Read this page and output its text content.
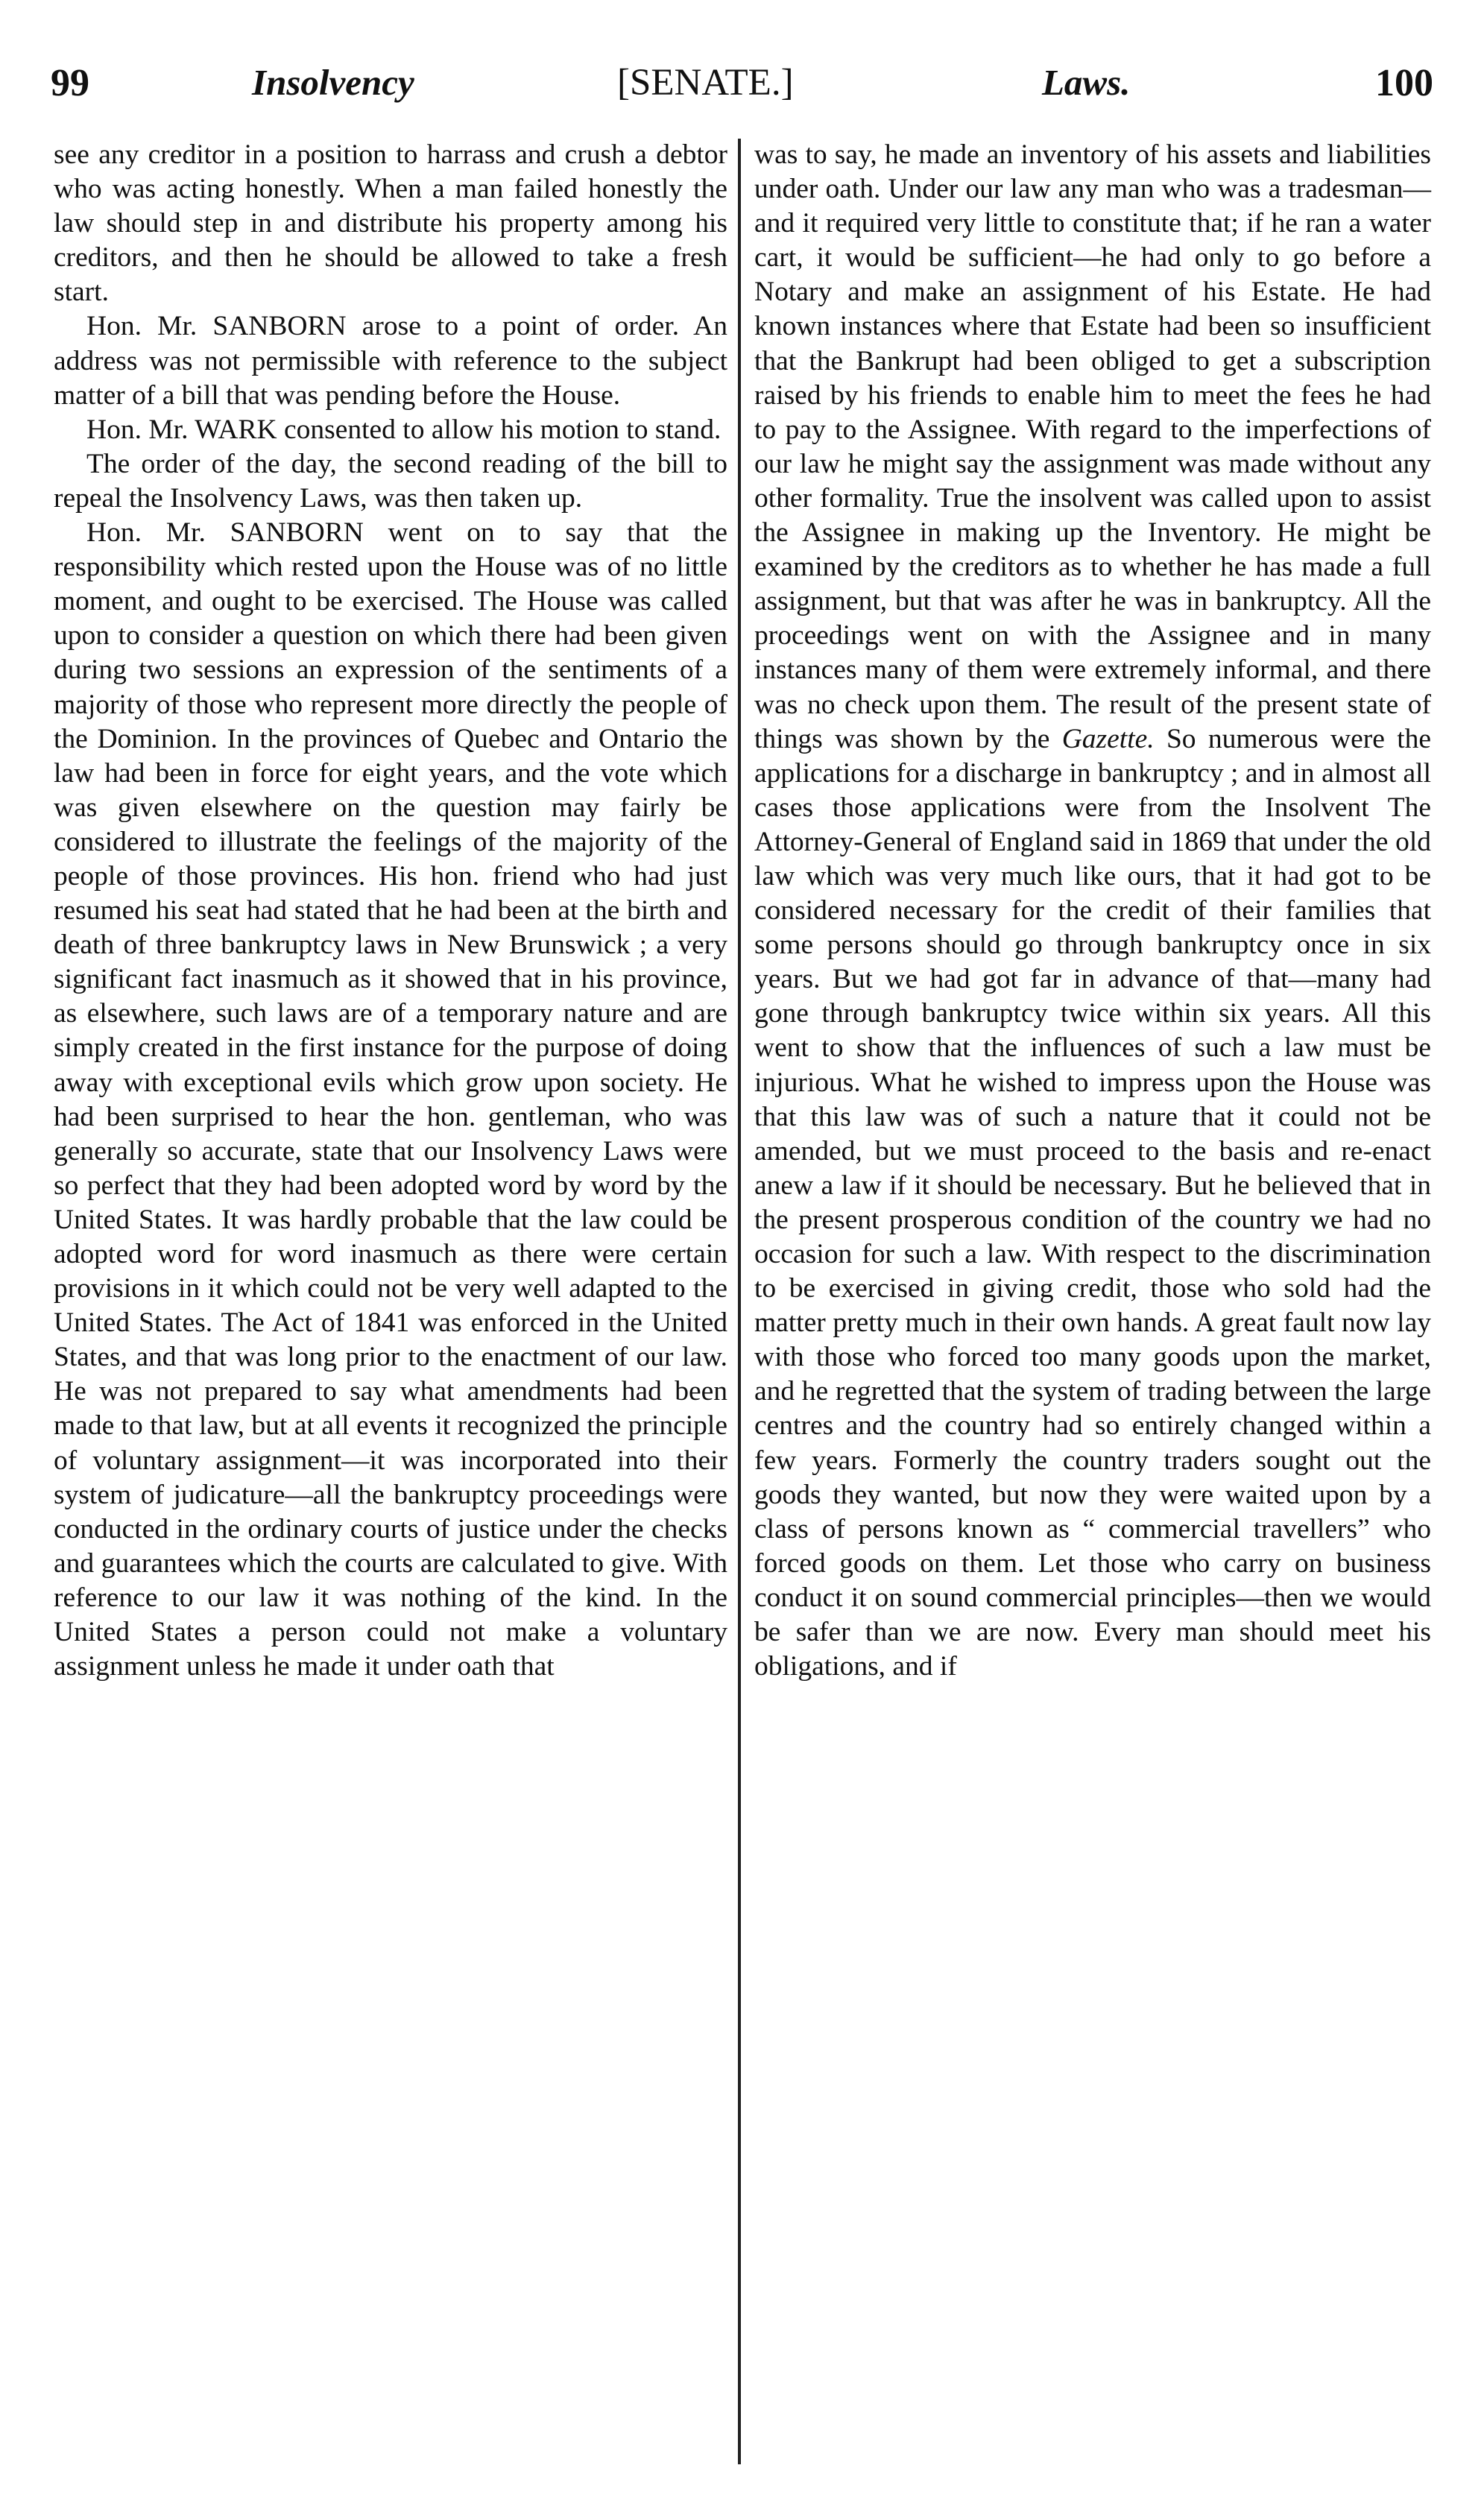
99	Insolvency	[SENATE.]	Laws.	100

see any creditor in a position to harrass and crush a debtor who was acting honestly. When a man failed honestly the law should step in and distribute his property among his creditors, and then he should be allowed to take a fresh start.

Hon. Mr. SANBORN arose to a point of order. An address was not permissible with reference to the subject matter of a bill that was pending before the House.

Hon. Mr. WARK consented to allow his motion to stand.

The order of the day, the second reading of the bill to repeal the Insolvency Laws, was then taken up.

Hon. Mr. SANBORN went on to say that the responsibility which rested upon the House was of no little moment, and ought to be exercised. The House was called upon to consider a question on which there had been given during two sessions an expression of the sentiments of a majority of those who represent more directly the people of the Dominion. In the provinces of Quebec and Ontario the law had been in force for eight years, and the vote which was given elsewhere on the question may fairly be considered to illustrate the feelings of the majority of the people of those provinces. His hon. friend who had just resumed his seat had stated that he had been at the birth and death of three bankruptcy laws in New Brunswick ; a very significant fact inasmuch as it showed that in his province, as elsewhere, such laws are of a temporary nature and are simply created in the first instance for the purpose of doing away with exceptional evils which grow upon society. He had been surprised to hear the hon. gentleman, who was generally so accurate, state that our Insolvency Laws were so perfect that they had been adopted word by word by the United States. It was hardly probable that the law could be adopted word for word inasmuch as there were certain provisions in it which could not be very well adapted to the United States. The Act of 1841 was enforced in the United States, and that was long prior to the enactment of our law. He was not prepared to say what amendments had been made to that law, but at all events it recognized the principle of voluntary assignment—it was incorporated into their system of judicature—all the bankruptcy proceedings were conducted in the ordinary courts of justice under the checks and guarantees which the courts are calculated to give. With reference to our law it was nothing of the kind. In the United States a person could not make a voluntary assignment unless he made it under oath that

was to say, he made an inventory of his assets and liabilities under oath. Under our law any man who was a tradesman—and it required very little to constitute that; if he ran a water cart, it would be sufficient—he had only to go before a Notary and make an assignment of his Estate. He had known instances where that Estate had been so insufficient that the Bankrupt had been obliged to get a subscription raised by his friends to enable him to meet the fees he had to pay to the Assignee. With regard to the imperfections of our law he might say the assignment was made without any other formality. True the insolvent was called upon to assist the Assignee in making up the Inventory. He might be examined by the creditors as to whether he has made a full assignment, but that was after he was in bankruptcy. All the proceedings went on with the Assignee and in many instances many of them were extremely informal, and there was no check upon them. The result of the present state of things was shown by the Gazette. So numerous were the applications for a discharge in bankruptcy ; and in almost all cases those applications were from the Insolvent The Attorney-General of England said in 1869 that under the old law which was very much like ours, that it had got to be considered necessary for the credit of their families that some persons should go through bankruptcy once in six years. But we had got far in advance of that—many had gone through bankruptcy twice within six years. All this went to show that the influences of such a law must be injurious. What he wished to impress upon the House was that this law was of such a nature that it could not be amended, but we must proceed to the basis and re-enact anew a law if it should be necessary. But he believed that in the present prosperous condition of the country we had no occasion for such a law. With respect to the discrimination to be exercised in giving credit, those who sold had the matter pretty much in their own hands. A great fault now lay with those who forced too many goods upon the market, and he regretted that the system of trading between the large centres and the country had so entirely changed within a few years. Formerly the country traders sought out the goods they wanted, but now they were waited upon by a class of persons known as “ commercial travellers” who forced goods on them. Let those who carry on business conduct it on sound commercial principles—then we would be safer than we are now. Every man should meet his obligations, and if
